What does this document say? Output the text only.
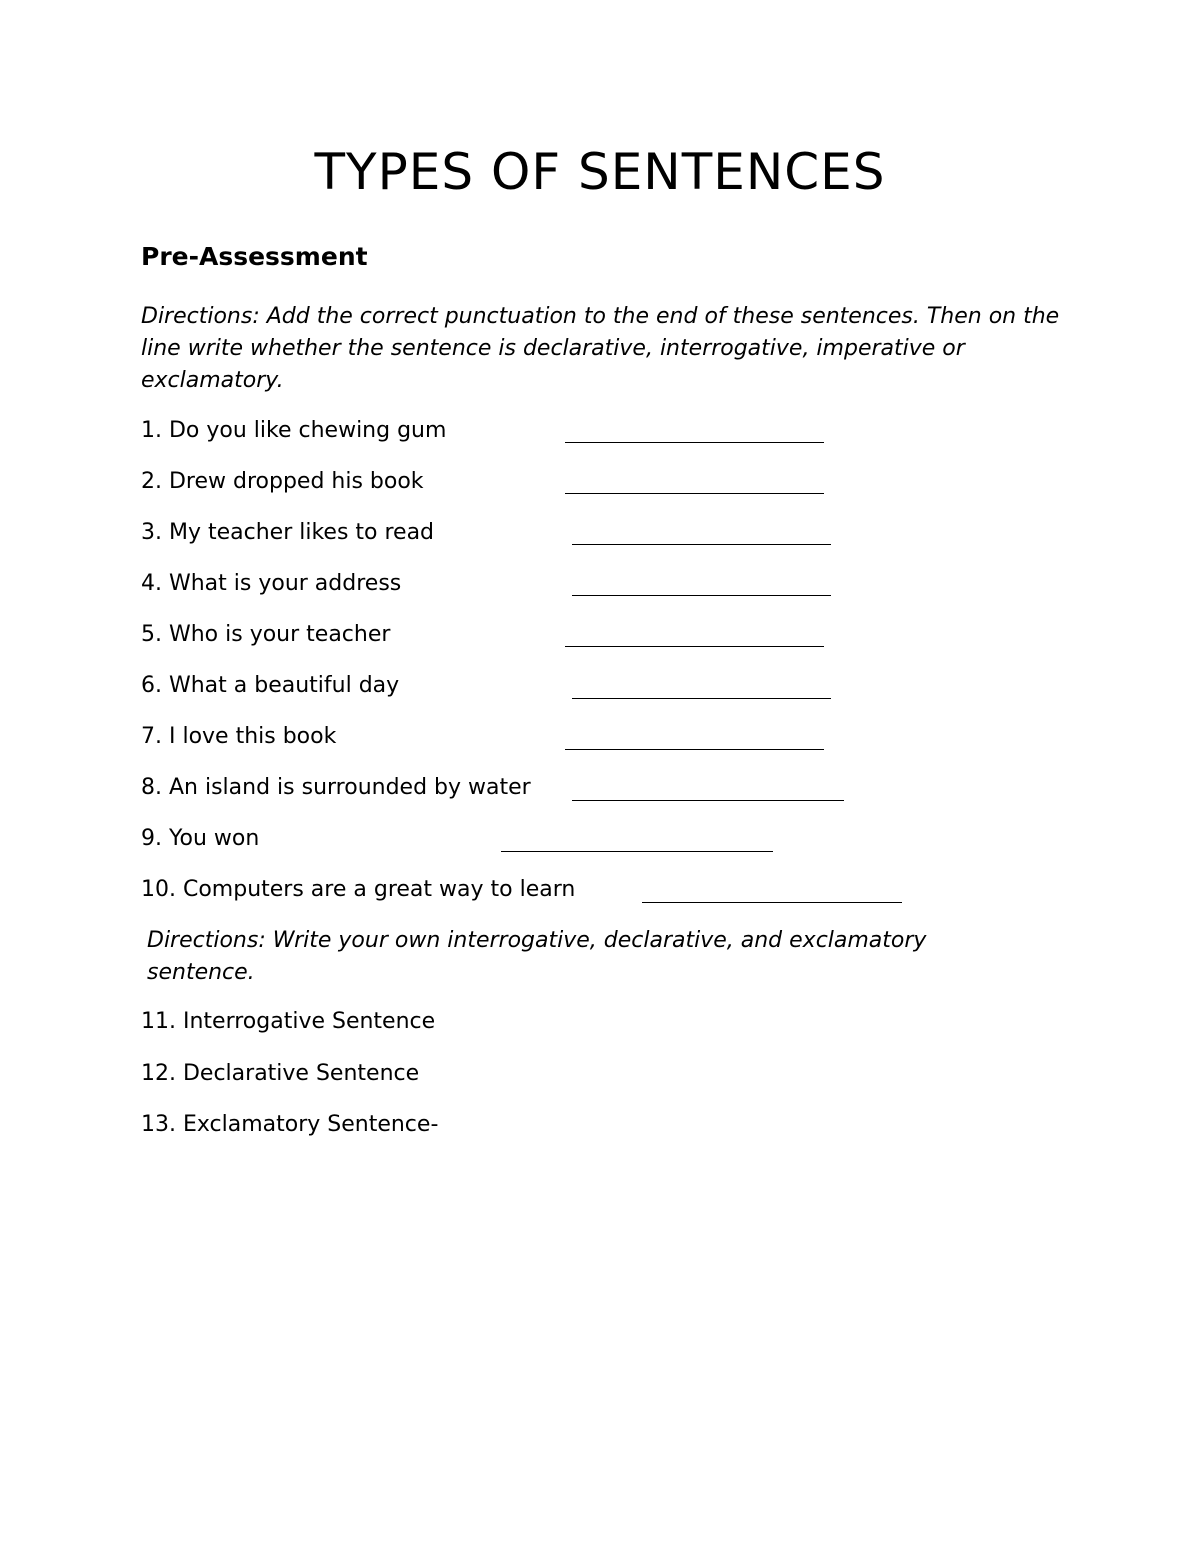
TYPES OF SENTENCES
Pre-Assessment
Directions: Add the correct punctuation to the end of these sentences. Then on the line write whether the sentence is declarative, interrogative, imperative or exclamatory.
1. Do you like chewing gum
2. Drew dropped his book
3. My teacher likes to read
4. What is your address
5. Who is your teacher
6. What a beautiful day
7. I love this book
8. An island is surrounded by water
9. You won
10. Computers are a great way to learn
Directions: Write your own interrogative, declarative, and exclamatory sentence.
11. Interrogative Sentence
12. Declarative Sentence
13. Exclamatory Sentence-
